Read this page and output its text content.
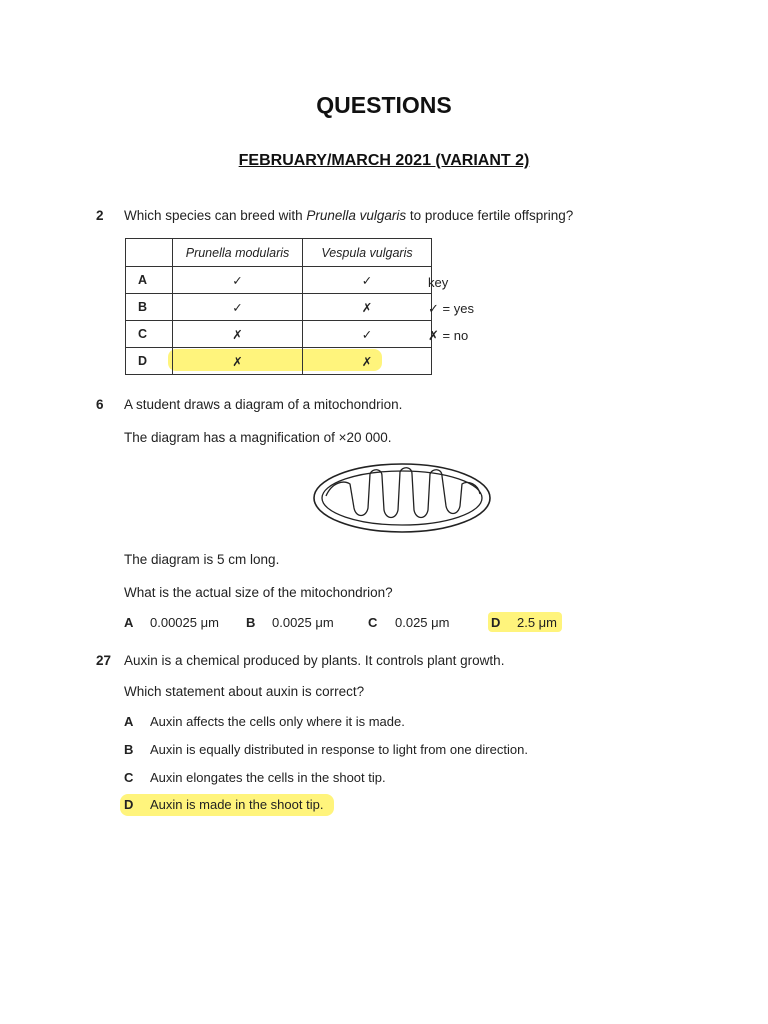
QUESTIONS
FEBRUARY/MARCH 2021 (VARIANT 2)
2 Which species can breed with Prunella vulgaris to produce fertile offspring?
	Prunella modularis	Vespula vulgaris
A	✓	✓
B	✓	✗
C	✗	✓
D	✗	✗
key
✓ = yes
✗ = no
6 A student draws a diagram of a mitochondrion.
The diagram has a magnification of ×20 000.
The diagram is 5 cm long.
What is the actual size of the mitochondrion?
A 0.00025 μm B 0.0025 μm	C 0.025 μm	D 2.5 μm
27 Auxin is a chemical produced by plants. It controls plant growth.
Which statement about auxin is correct?
A Auxin affects the cells only where it is made.
B Auxin is equally distributed in response to light from one direction.
C Auxin elongates the cells in the shoot tip.
D Auxin is made in the shoot tip.
